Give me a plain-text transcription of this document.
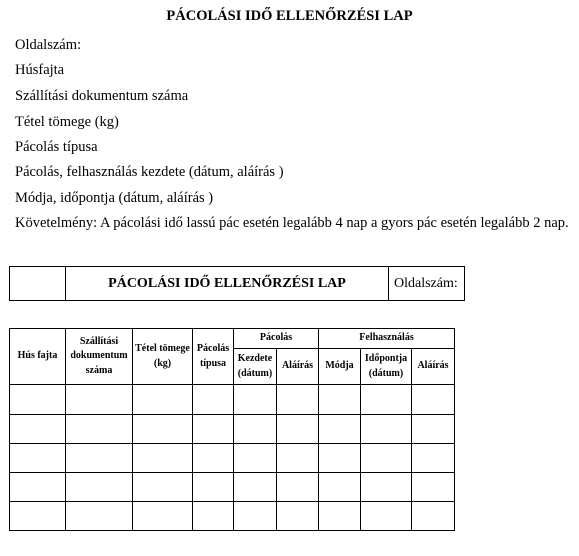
PÁCOLÁSI IDŐ ELLENŐRZÉSI LAP
Oldalszám:
Húsfajta
Szállítási dokumentum száma
Tétel tömege (kg)
Pácolás típusa
Pácolás, felhasználás kezdete (dátum, aláírás )
Módja, időpontja (dátum, aláírás )
Követelmény: A pácolási idő lassú pác esetén legalább 4 nap a gyors pác esetén legalább 2 nap.
PÁCOLÁSI IDŐ ELLENŐRZÉSI LAP	Oldalszám:
Hús fajta	Szállítási dokumentum száma	Tétel tömege (kg)	Pácolás típusa	Pácolás		Felhasználás		
				Kezdete (dátum)	Aláírás	Módja	Időpontja (dátum)	Aláírás
